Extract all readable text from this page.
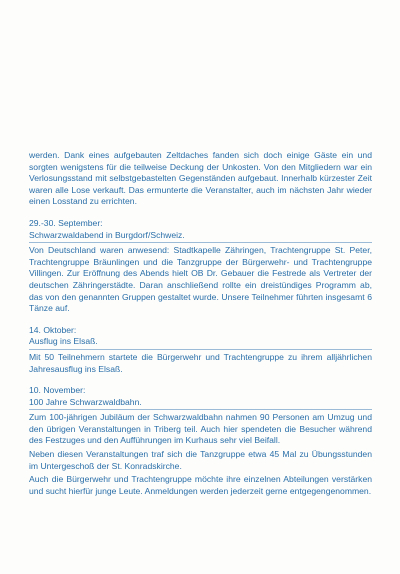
werden. Dank eines aufgebauten Zeltdaches fanden sich doch einige Gäste ein und sorgten wenigstens für die teilweise Deckung der Unkosten. Von den Mitgliedern war ein Verlosungsstand mit selbstgebastelten Gegenständen aufgebaut. Innerhalb kürzester Zeit waren alle Lose verkauft. Das ermunterte die Veranstalter, auch im nächsten Jahr wieder einen Losstand zu errichten.

29.-30. September:

Schwarzwaldabend in Burgdorf/Schweiz.

Von Deutschland waren anwesend: Stadtkapelle Zähringen, Trachtengruppe St. Peter, Trachtengruppe Bräunlingen und die Tanzgruppe der Bürgerwehr- und Trachtengruppe Villingen. Zur Eröffnung des Abends hielt OB Dr. Gebauer die Festrede als Vertreter der deutschen Zähringerstädte. Daran anschließend rollte ein dreistündiges Programm ab, das von den genannten Gruppen gestaltet wurde. Unsere Teilnehmer führten insgesamt 6 Tänze auf.

14. Oktober:

Ausflug ins Elsaß.

Mit 50 Teilnehmern startete die Bürgerwehr und Trachtengruppe zu ihrem alljährlichen Jahresausflug ins Elsaß.

10. November:

100 Jahre Schwarzwaldbahn.

Zum 100-jährigen Jubiläum der Schwarzwaldbahn nahmen 90 Personen am Umzug und den übrigen Veranstaltungen in Triberg teil. Auch hier spendeten die Besucher während des Festzuges und den Aufführungen im Kurhaus sehr viel Beifall.

Neben diesen Veranstaltungen traf sich die Tanzgruppe etwa 45 Mal zu Übungsstunden im Untergeschoß der St. Konradskirche.

Auch die Bürgerwehr und Trachtengruppe möchte ihre einzelnen Abteilungen verstärken und sucht hierfür junge Leute. Anmeldungen werden jederzeit gerne entgegengenommen.
